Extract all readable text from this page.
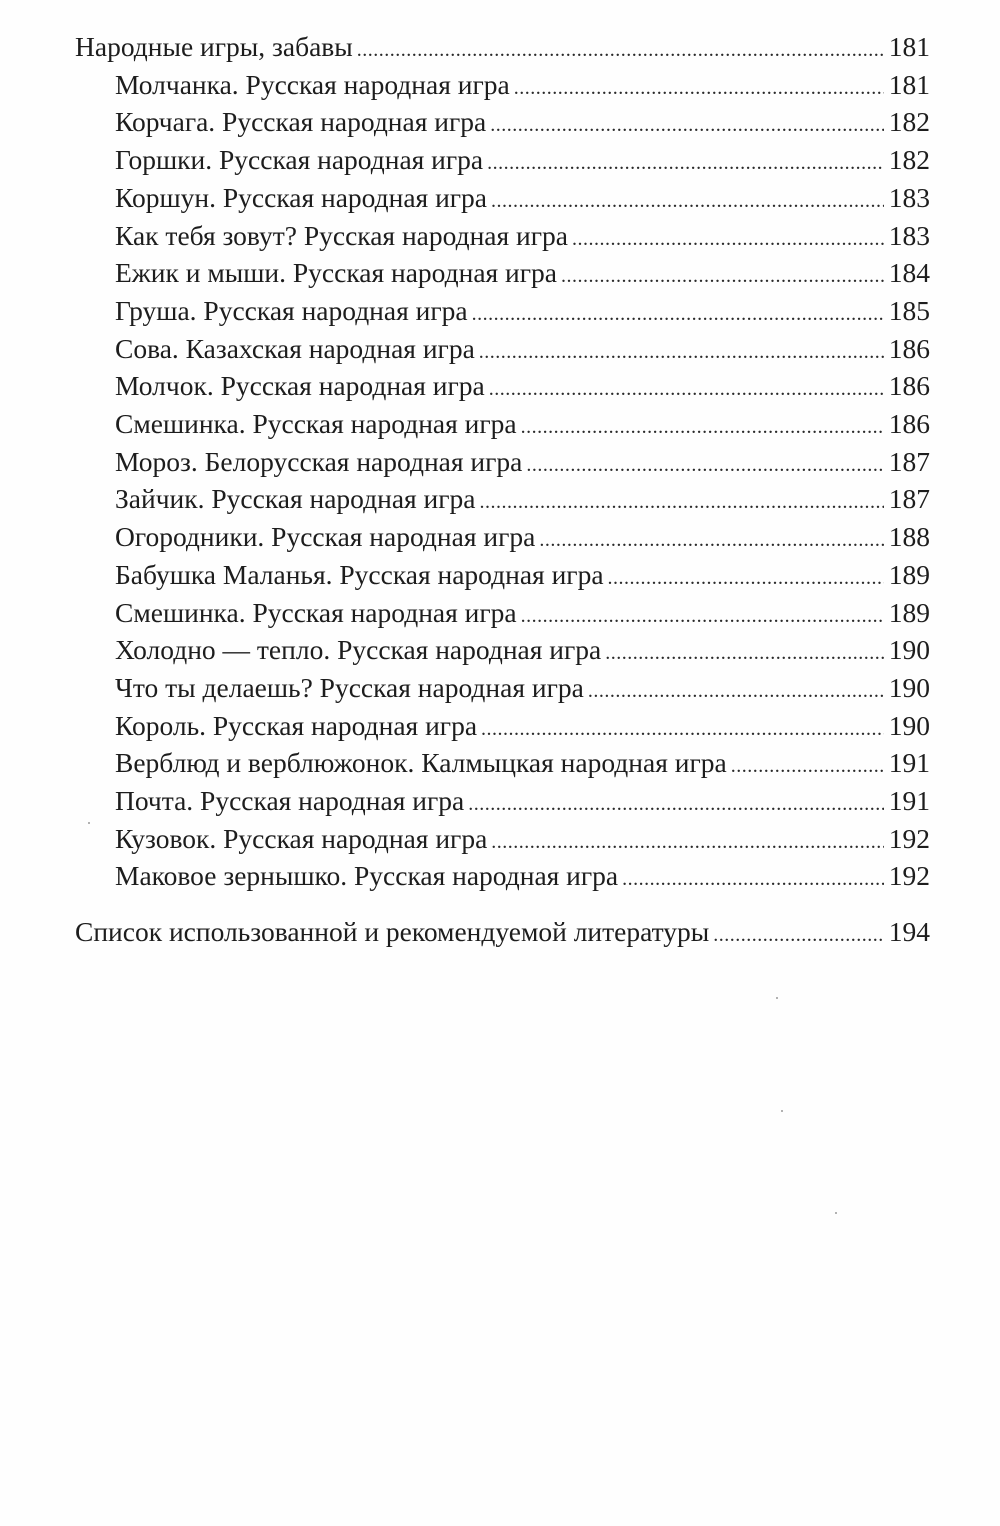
Народные игры, забавы .....	181
Молчанка. Русская народная игра .....	181
Корчага. Русская народная игра .....	182
Горшки. Русская народная игра .....	182
Коршун. Русская народная игра .....	183
Как тебя зовут? Русская народная игра .....	183
Ежик и мыши. Русская народная игра .....	184
Груша. Русская народная игра .....	185
Сова. Казахская народная игра .....	186
Молчок. Русская народная игра .....	186
Смешинка. Русская народная игра .....	186
Мороз. Белорусская народная игра .....	187
Зайчик. Русская народная игра .....	187
Огородники. Русская народная игра .....	188
Бабушка Маланья. Русская народная игра .....	189
Смешинка. Русская народная игра .....	189
Холодно — тепло. Русская народная игра .....	190
Что ты делаешь? Русская народная игра .....	190
Король. Русская народная игра .....	190
Верблюд и верблюжонок. Калмыцкая народная игра .....	191
Почта. Русская народная игра .....	191
Кузовок. Русская народная игра .....	192
Маковое зернышко. Русская народная игра .....	192
Список использованной и рекомендуемой литературы .....	194
